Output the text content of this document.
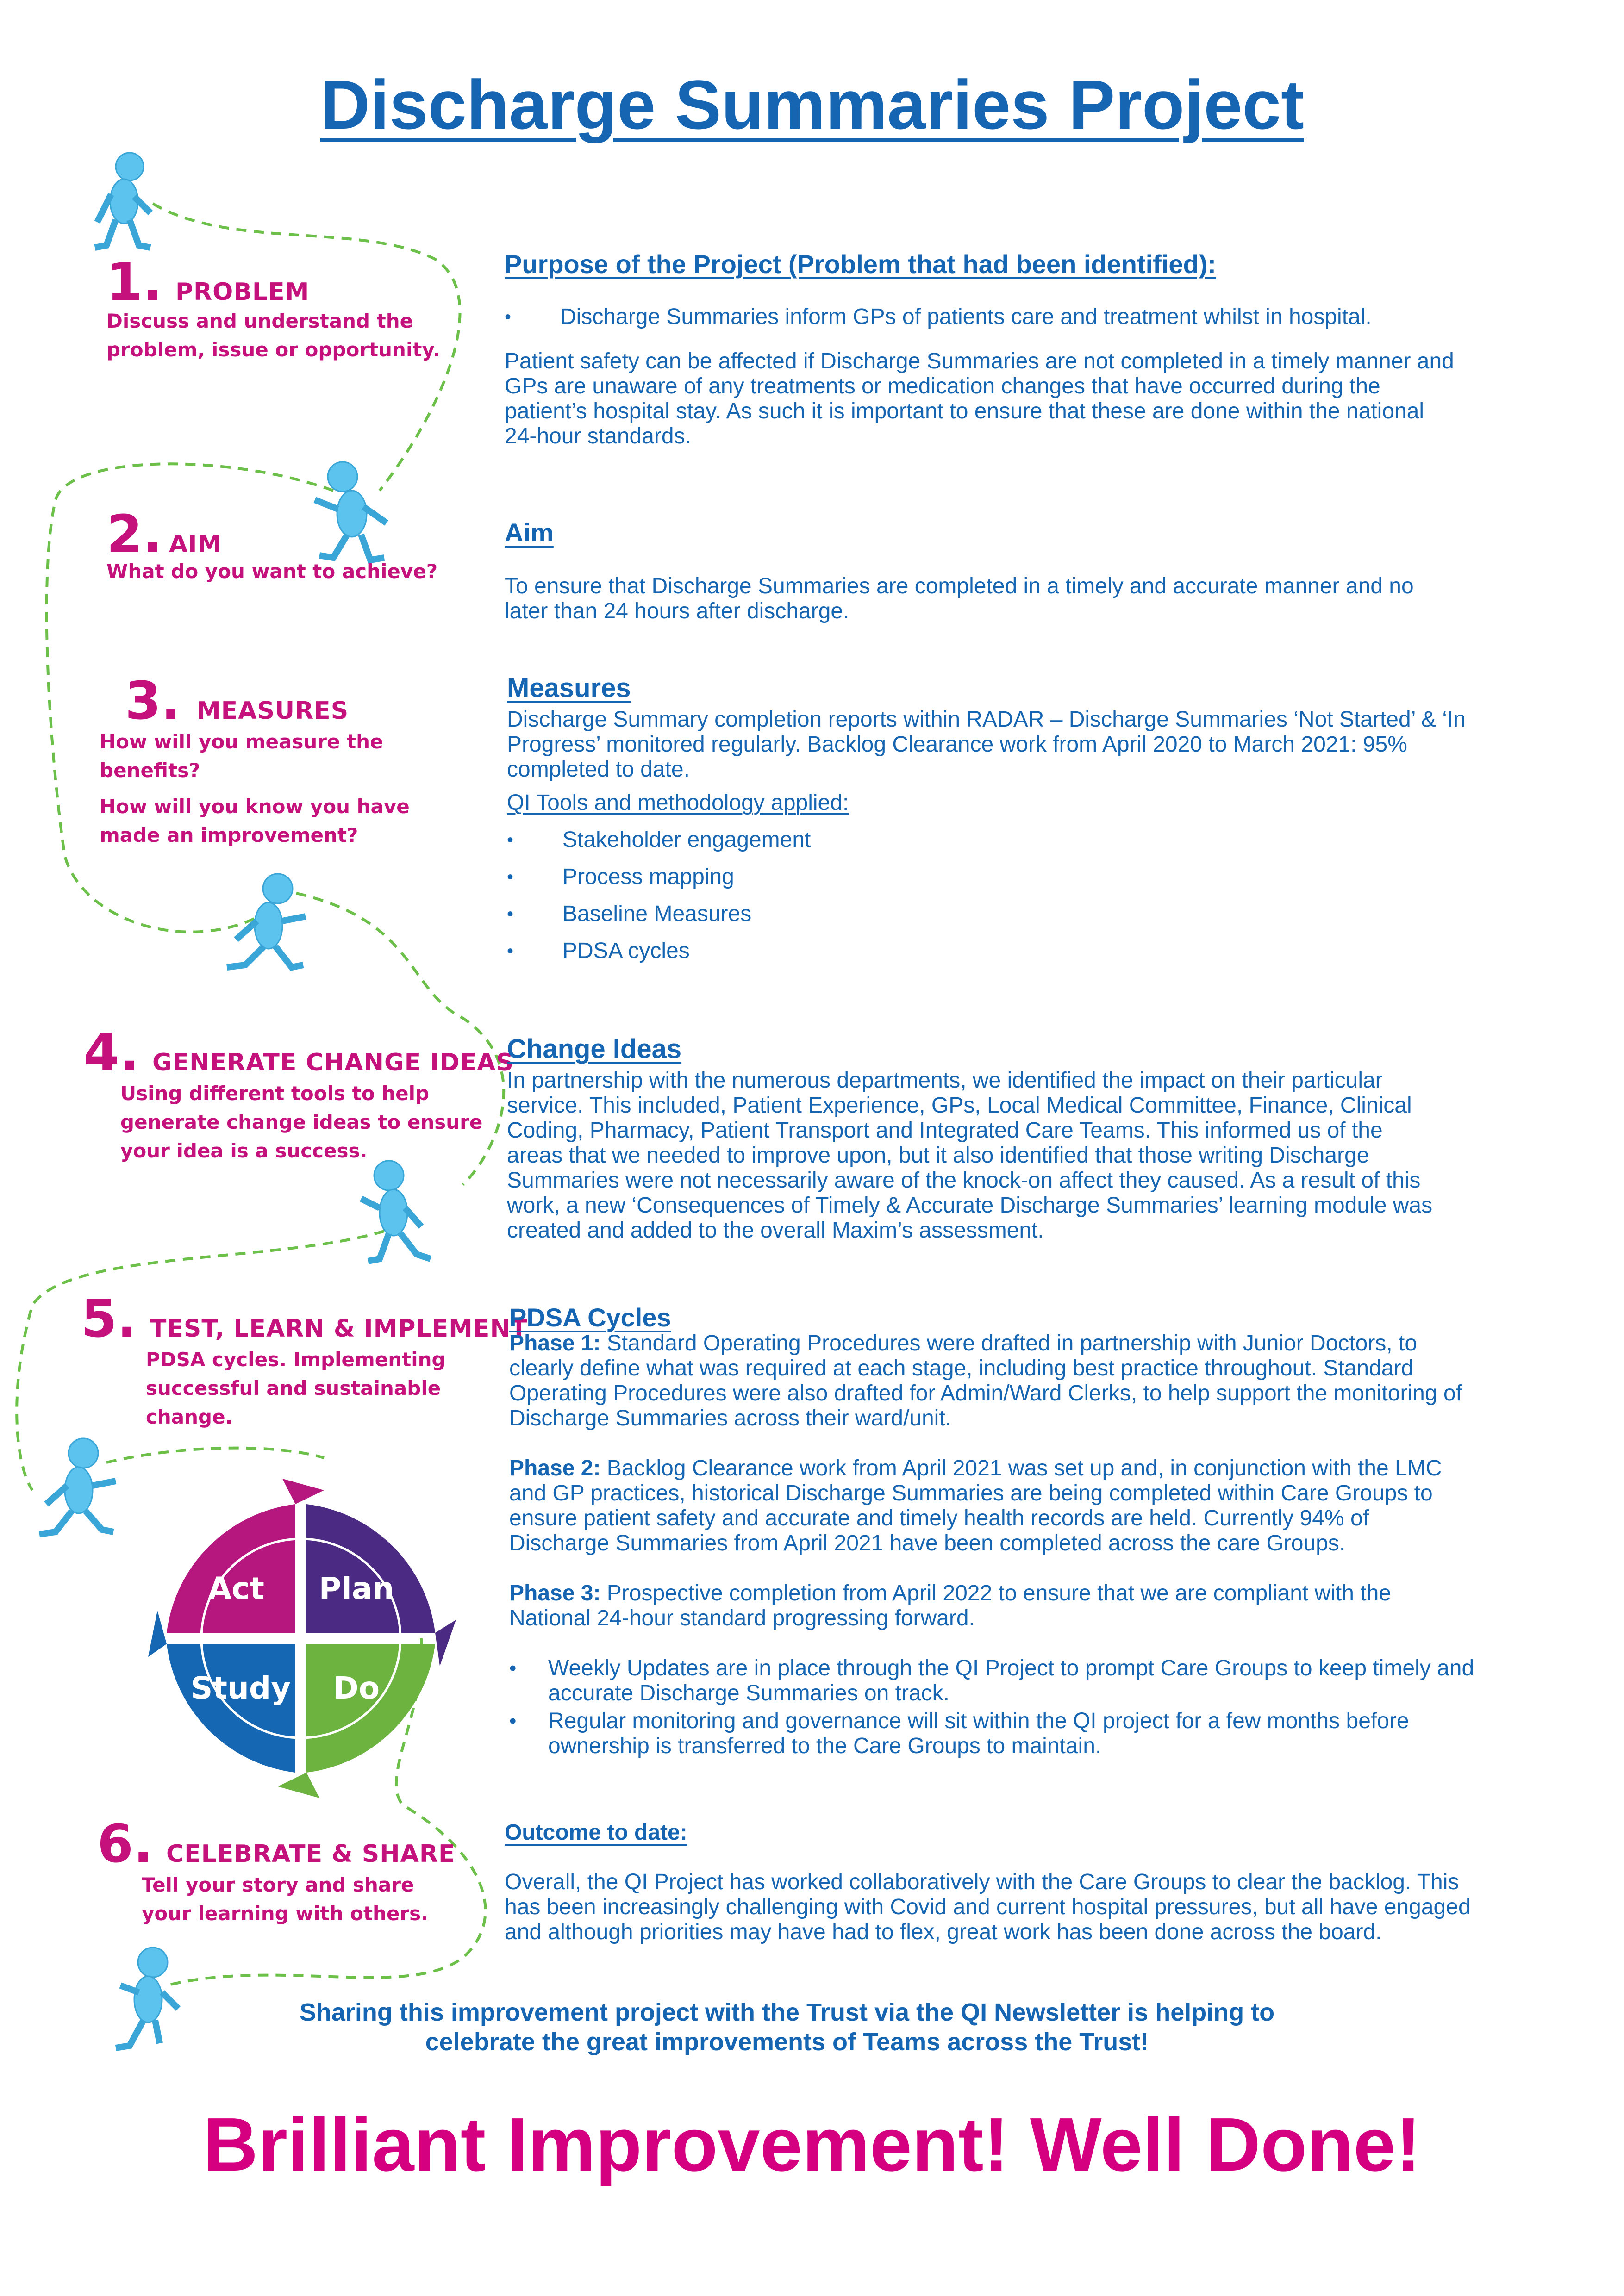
Discharge Summaries Project
Act Plan
Study Do
1. PROBLEM
Discuss and understand the
problem, issue or opportunity.
2. AIM
What do you want to achieve?
3. MEASURES
How will you measure the
benefits?
How will you know you have
made an improvement?
4. GENERATE CHANGE IDEAS
Using different tools to help
generate change ideas to ensure
your idea is a success.
5. TEST, LEARN & IMPLEMENT
PDSA cycles. Implementing
successful and sustainable
change.
6. CELEBRATE & SHARE
Tell your story and share
your learning with others.
Purpose of the Project (Problem that had been identified):
• Discharge Summaries inform GPs of patients care and treatment whilst in hospital.
Patient safety can be affected if Discharge Summaries are not completed in a timely manner and
GPs are unaware of any treatments or medication changes that have occurred during the
patient’s hospital stay. As such it is important to ensure that these are done within the national
24-hour standards.
Aim
To ensure that Discharge Summaries are completed in a timely and accurate manner and no
later than 24 hours after discharge.
Measures
Discharge Summary completion reports within RADAR – Discharge Summaries ‘Not Started’ & ‘In
Progress’ monitored regularly. Backlog Clearance work from April 2020 to March 2021: 95%
completed to date.
QI Tools and methodology applied:
• Stakeholder engagement
• Process mapping
• Baseline Measures
• PDSA cycles
Change Ideas
In partnership with the numerous departments, we identified the impact on their particular
service. This included, Patient Experience, GPs, Local Medical Committee, Finance, Clinical
Coding, Pharmacy, Patient Transport and Integrated Care Teams. This informed us of the
areas that we needed to improve upon, but it also identified that those writing Discharge
Summaries were not necessarily aware of the knock-on affect they caused. As a result of this
work, a new ‘Consequences of Timely & Accurate Discharge Summaries’ learning module was
created and added to the overall Maxim’s assessment.
PDSA Cycles
Phase 1: Standard Operating Procedures were drafted in partnership with Junior Doctors, to
clearly define what was required at each stage, including best practice throughout. Standard
Operating Procedures were also drafted for Admin/Ward Clerks, to help support the monitoring of
Discharge Summaries across their ward/unit.
Phase 2: Backlog Clearance work from April 2021 was set up and, in conjunction with the LMC
and GP practices, historical Discharge Summaries are being completed within Care Groups to
ensure patient safety and accurate and timely health records are held. Currently 94% of
Discharge Summaries from April 2021 have been completed across the care Groups.
Phase 3: Prospective completion from April 2022 to ensure that we are compliant with the
National 24-hour standard progressing forward.
• Weekly Updates are in place through the QI Project to prompt Care Groups to keep timely and
accurate Discharge Summaries on track.
• Regular monitoring and governance will sit within the QI project for a few months before
ownership is transferred to the Care Groups to maintain.
Outcome to date:
Overall, the QI Project has worked collaboratively with the Care Groups to clear the backlog. This
has been increasingly challenging with Covid and current hospital pressures, but all have engaged
and although priorities may have had to flex, great work has been done across the board.
Sharing this improvement project with the Trust via the QI Newsletter is helping to
celebrate the great improvements of Teams across the Trust!
Brilliant Improvement! Well Done!
